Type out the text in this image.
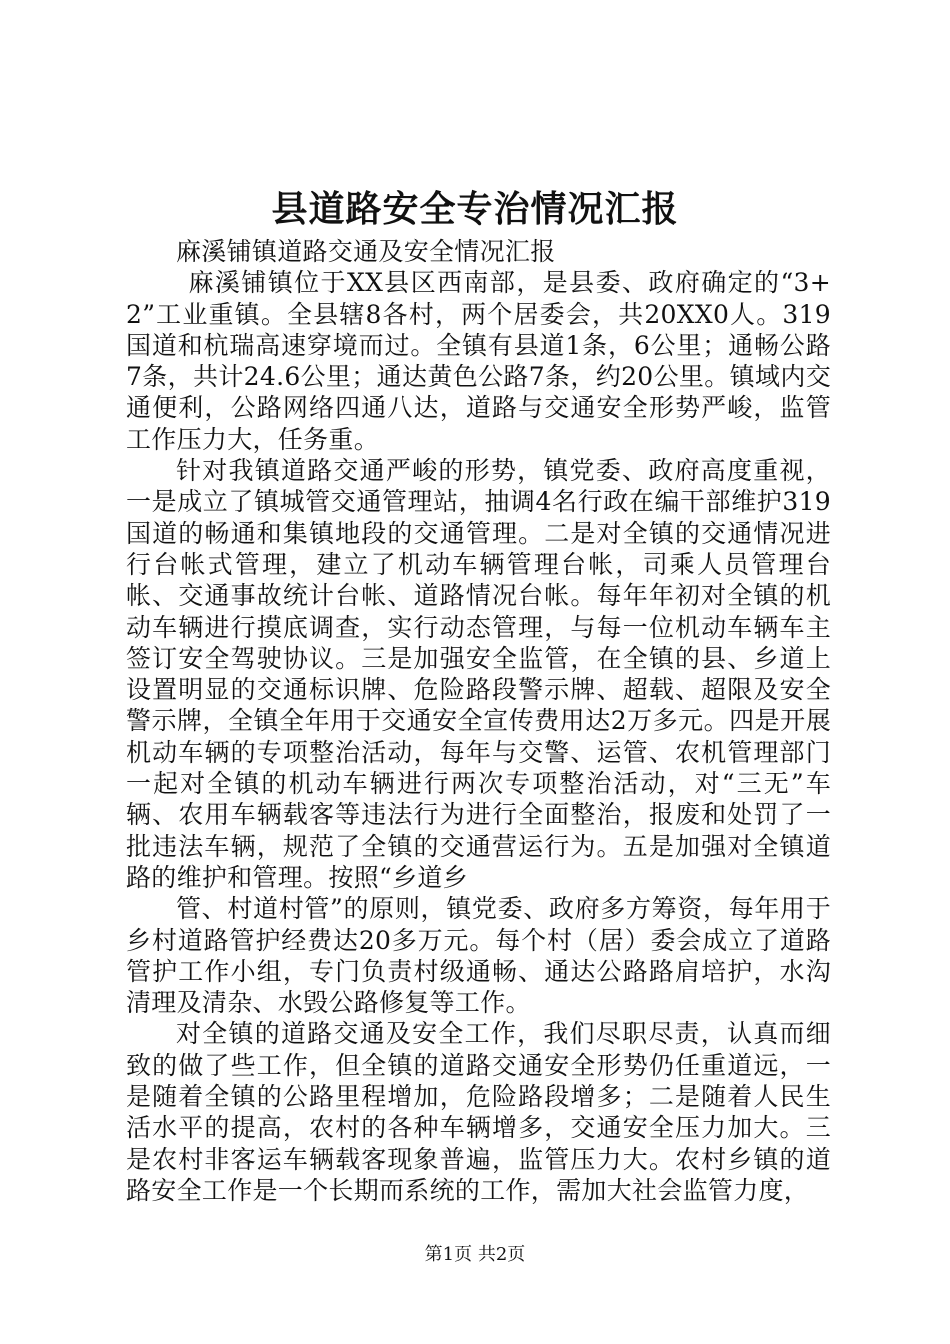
县道路安全专治情况汇报

麻溪铺镇道路交通及安全情况汇报

麻溪铺镇位于XX县区西南部，是县委、政府确定的“3+2”工业重镇。全县辖8各村，两个居委会，共20XX0人。319国道和杭瑞高速穿境而过。全镇有县道1条，6公里；通畅公路7条，共计24.6公里；通达黄色公路7条，约20公里。镇域内交通便利，公路网络四通八达，道路与交通安全形势严峻，监管工作压力大，任务重。

针对我镇道路交通严峻的形势，镇党委、政府高度重视，一是成立了镇城管交通管理站，抽调4名行政在编干部维护319国道的畅通和集镇地段的交通管理。二是对全镇的交通情况进行台帐式管理，建立了机动车辆管理台帐，司乘人员管理台帐、交通事故统计台帐、道路情况台帐。每年年初对全镇的机动车辆进行摸底调查，实行动态管理，与每一位机动车辆车主签订安全驾驶协议。三是加强安全监管，在全镇的县、乡道上设置明显的交通标识牌、危险路段警示牌、超载、超限及安全警示牌，全镇全年用于交通安全宣传费用达2万多元。四是开展机动车辆的专项整治活动，每年与交警、运管、农机管理部门一起对全镇的机动车辆进行两次专项整治活动，对“三无”车辆、农用车辆载客等违法行为进行全面整治，报废和处罚了一批违法车辆，规范了全镇的交通营运行为。五是加强对全镇道路的维护和管理。按照“乡道乡

管、村道村管”的原则，镇党委、政府多方筹资，每年用于乡村道路管护经费达20多万元。每个村（居）委会成立了道路管护工作小组，专门负责村级通畅、通达公路路肩培护，水沟清理及清杂、水毁公路修复等工作。

对全镇的道路交通及安全工作，我们尽职尽责，认真而细致的做了些工作，但全镇的道路交通安全形势仍任重道远，一是随着全镇的公路里程增加，危险路段增多；二是随着人民生活水平的提高，农村的各种车辆增多，交通安全压力加大。三是农村非客运车辆载客现象普遍，监管压力大。农村乡镇的道路安全工作是一个长期而系统的工作，需加大社会监管力度，

第1页 共2页
